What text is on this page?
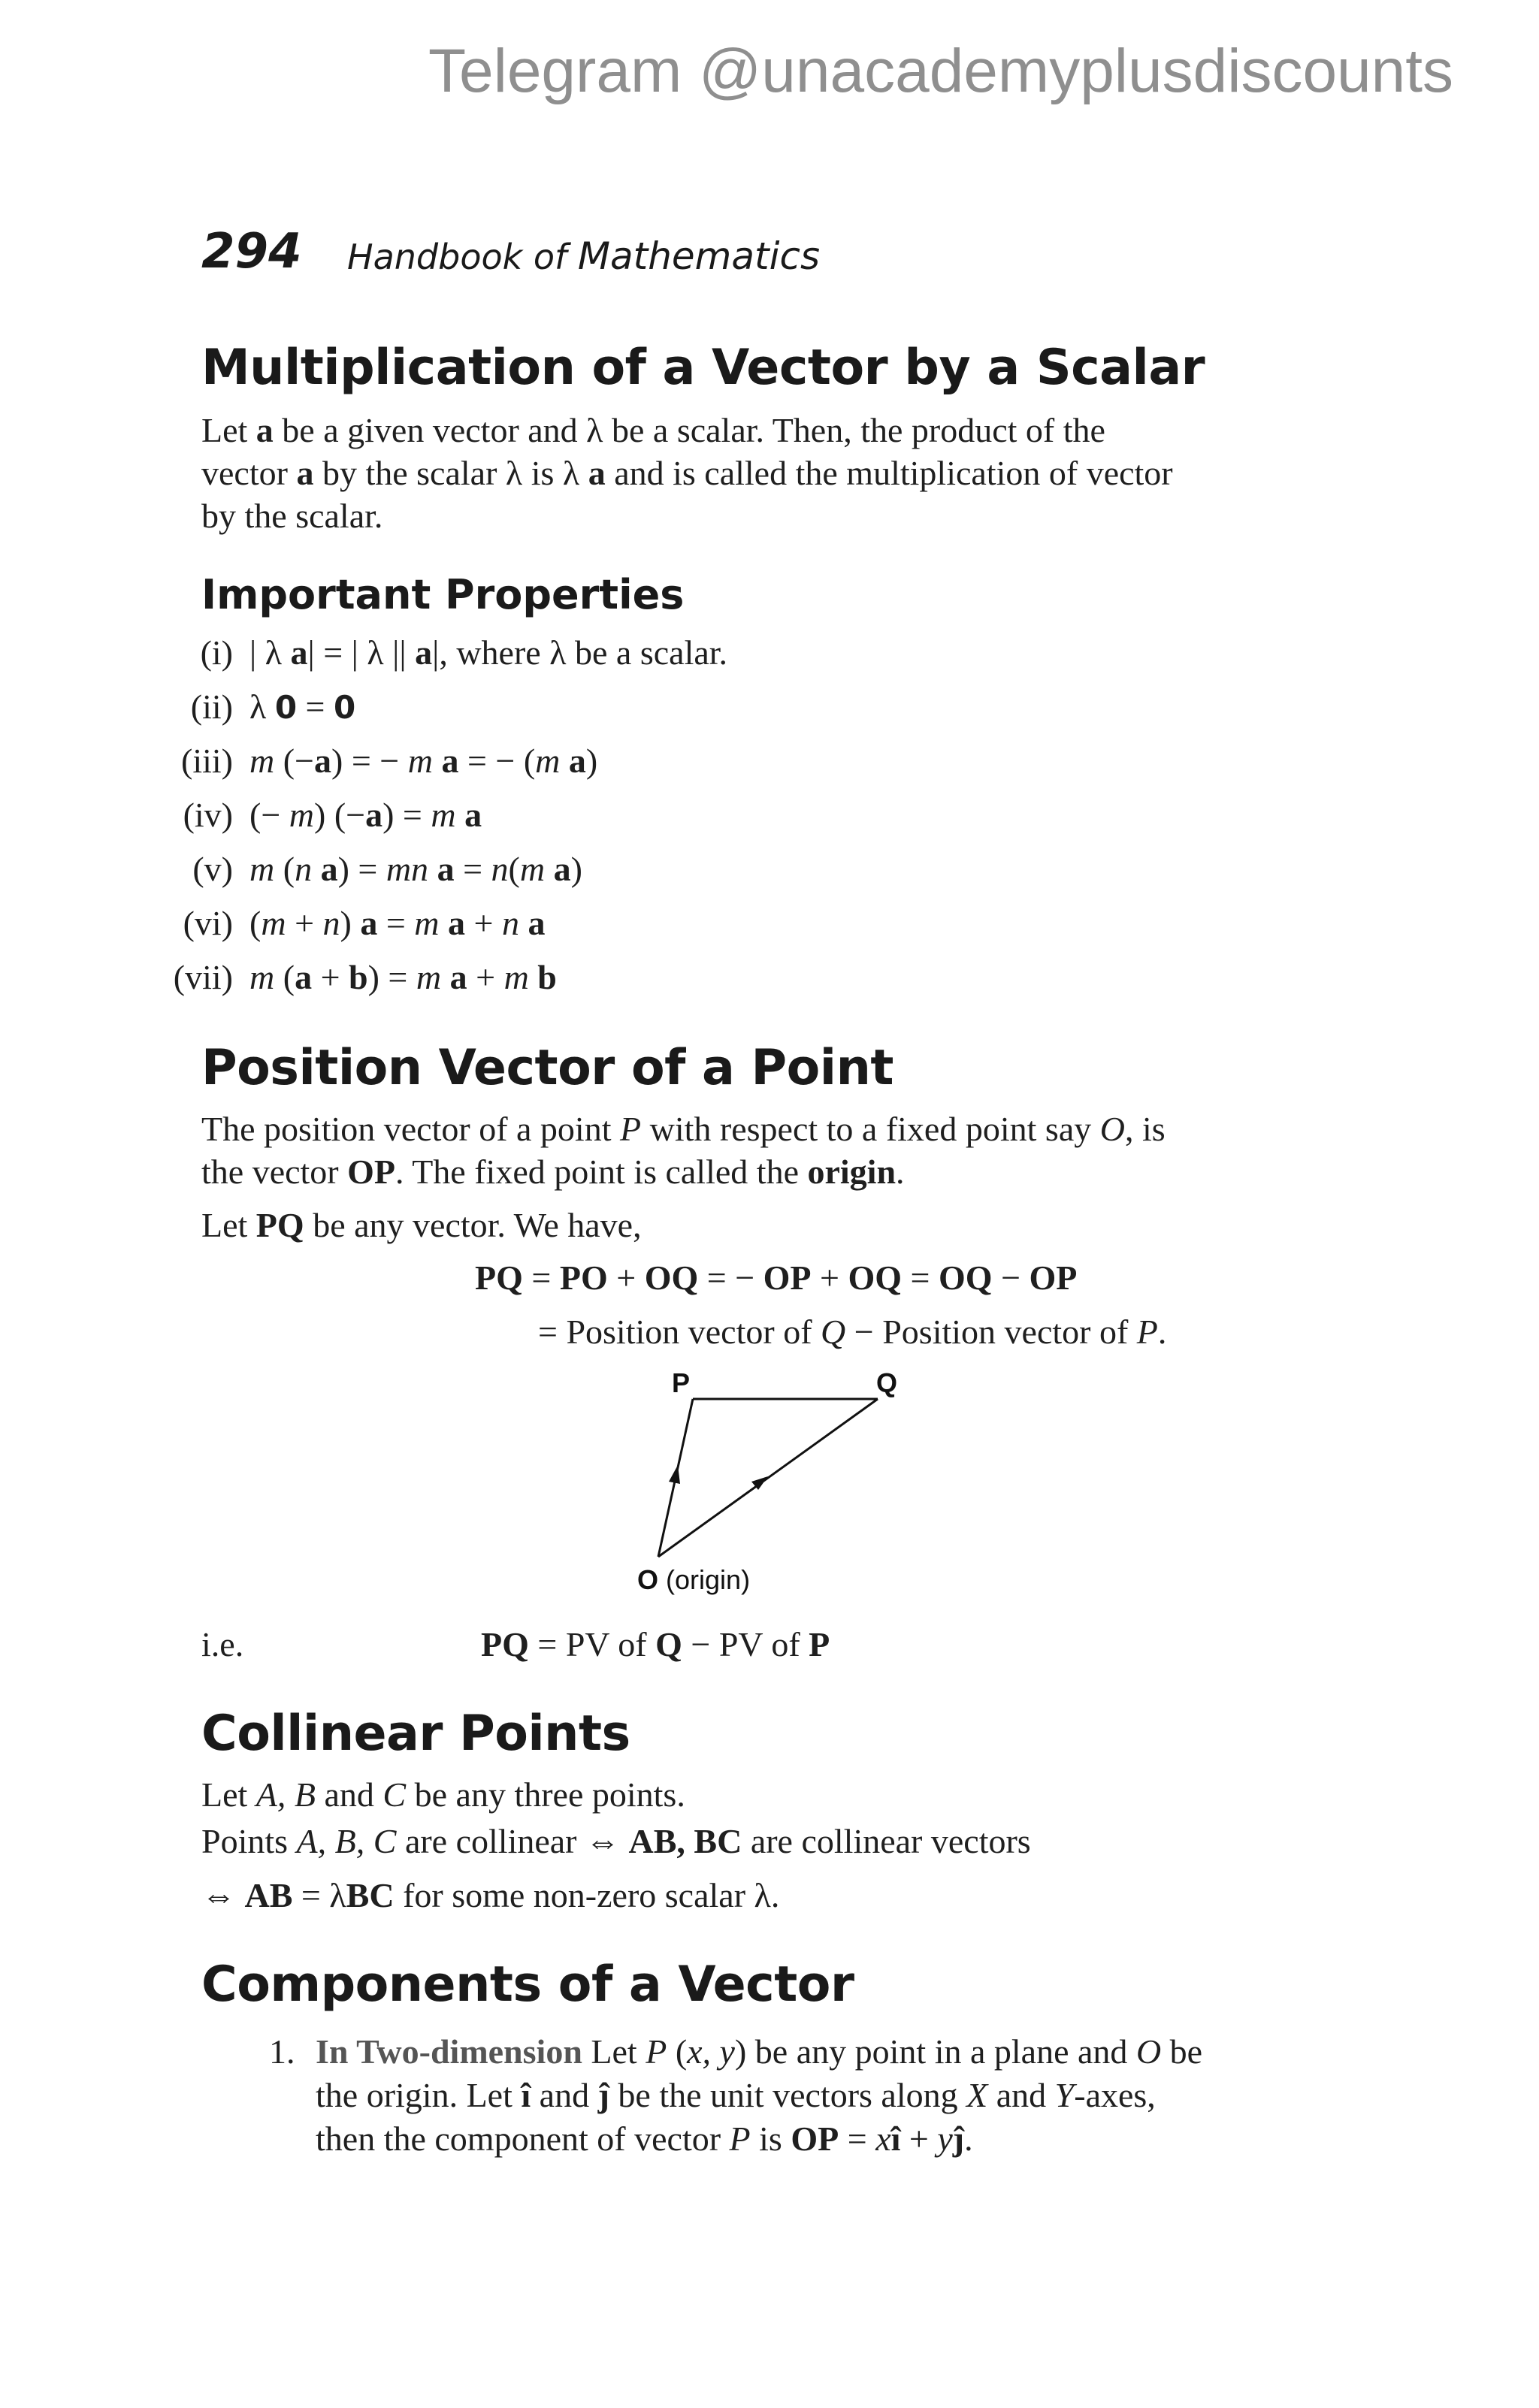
Telegram @unacademyplusdiscounts
294 Handbook of Mathematics
Multiplication of a Vector by a Scalar
Let a be a given vector and λ be a scalar. Then, the product of the
vector a by the scalar λ is λ a and is called the multiplication of vector
by the scalar.
Important Properties
(i) | λ a| = | λ || a|, where λ be a scalar.
(ii) λ 0 = 0
(iii) m (−a) = − m a = − (m a)
(iv) (− m) (−a) = m a
(v) m (n a) = mn a = n(m a)
(vi) (m + n) a = m a + n a
(vii) m (a + b) = m a + m b
Position Vector of a Point
The position vector of a point P with respect to a fixed point say O, is
the vector OP. The fixed point is called the origin.
Let PQ be any vector. We have,
PQ = PO + OQ = − OP + OQ = OQ − OP
= Position vector of Q − Position vector of P.
P	Q
O (origin)
i.e.	PQ = PV of Q − PV of P
Collinear Points
Let A, B and C be any three points.
Points A, B, C are collinear ⇔ AB, BC are collinear vectors
⇔ AB = λBC for some non-zero scalar λ.
Components of a Vector
1. In Two-dimension Let P (x, y) be any point in a plane and O be
the origin. Let î and ĵ be the unit vectors along X and Y-axes,
then the component of vector P is OP = xî + yĵ.
